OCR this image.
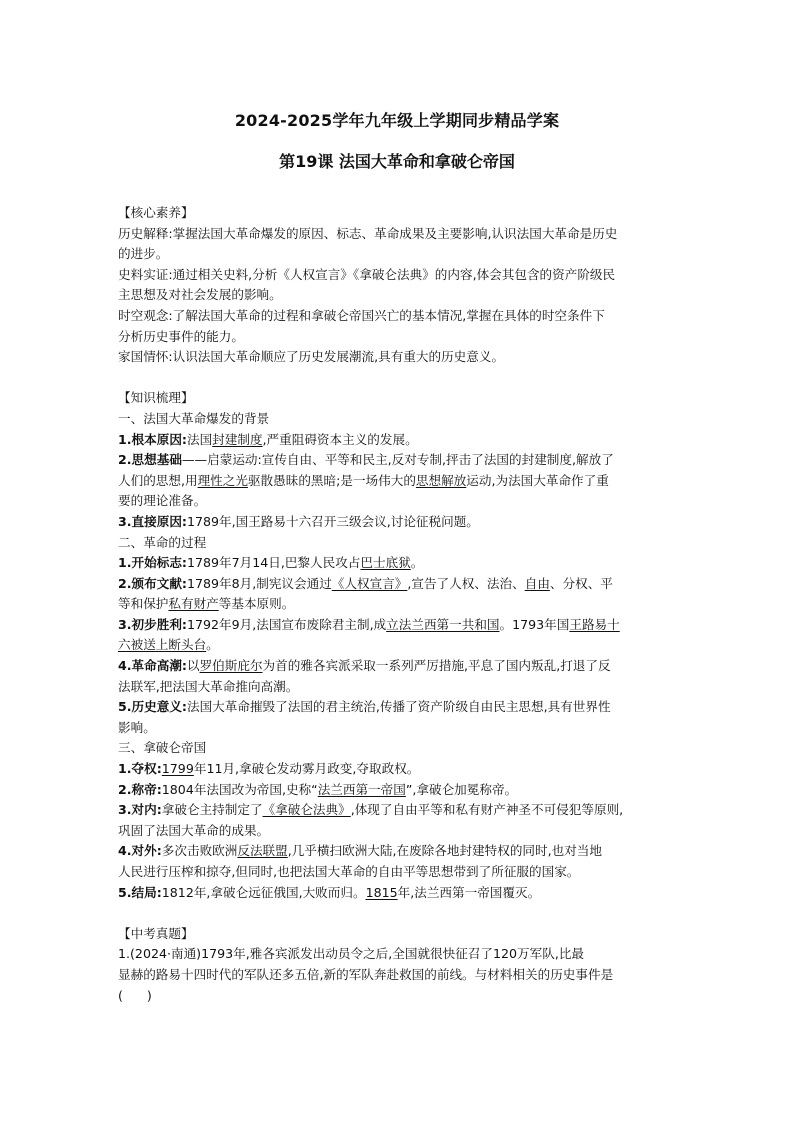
2024-2025学年九年级上学期同步精品学案
第19课 法国大革命和拿破仑帝国
【核心素养】
历史解释:掌握法国大革命爆发的原因、标志、革命成果及主要影响,认识法国大革命是历史
的进步。
史料实证:通过相关史料,分析《人权宣言》《拿破仑法典》的内容,体会其包含的资产阶级民
主思想及对社会发展的影响。
时空观念:了解法国大革命的过程和拿破仑帝国兴亡的基本情况,掌握在具体的时空条件下
分析历史事件的能力。
家国情怀:认识法国大革命顺应了历史发展潮流,具有重大的历史意义。
【知识梳理】
一、法国大革命爆发的背景
1.根本原因:法国封建制度,严重阻碍资本主义的发展。
2.思想基础——启蒙运动:宣传自由、平等和民主,反对专制,抨击了法国的封建制度,解放了
人们的思想,用理性之光驱散愚昧的黑暗;是一场伟大的思想解放运动,为法国大革命作了重
要的理论准备。
3.直接原因:1789年,国王路易十六召开三级会议,讨论征税问题。
二、革命的过程
1.开始标志:1789年7月14日,巴黎人民攻占巴士底狱。
2.颁布文献:1789年8月,制宪议会通过《人权宣言》,宣告了人权、法治、自由、分权、平
等和保护私有财产等基本原则。
3.初步胜利:1792年9月,法国宣布废除君主制,成立法兰西第一共和国。1793年国王路易十
六被送上断头台。
4.革命高潮:以罗伯斯庇尔为首的雅各宾派采取一系列严厉措施,平息了国内叛乱,打退了反
法联军,把法国大革命推向高潮。
5.历史意义:法国大革命摧毁了法国的君主统治,传播了资产阶级自由民主思想,具有世界性
影响。
三、拿破仑帝国
1.夺权:1799年11月,拿破仑发动雾月政变,夺取政权。
2.称帝:1804年法国改为帝国,史称“法兰西第一帝国”,拿破仑加冕称帝。
3.对内:拿破仑主持制定了《拿破仑法典》,体现了自由平等和私有财产神圣不可侵犯等原则,
巩固了法国大革命的成果。
4.对外:多次击败欧洲反法联盟,几乎横扫欧洲大陆,在废除各地封建特权的同时,也对当地
人民进行压榨和掠夺,但同时,也把法国大革命的自由平等思想带到了所征服的国家。
5.结局:1812年,拿破仑远征俄国,大败而归。1815年,法兰西第一帝国覆灭。
【中考真题】
1.(2024·南通)1793年,雅各宾派发出动员令之后,全国就很快征召了120万军队,比最
显赫的路易十四时代的军队还多五倍,新的军队奔赴救国的前线。与材料相关的历史事件是
(      )
